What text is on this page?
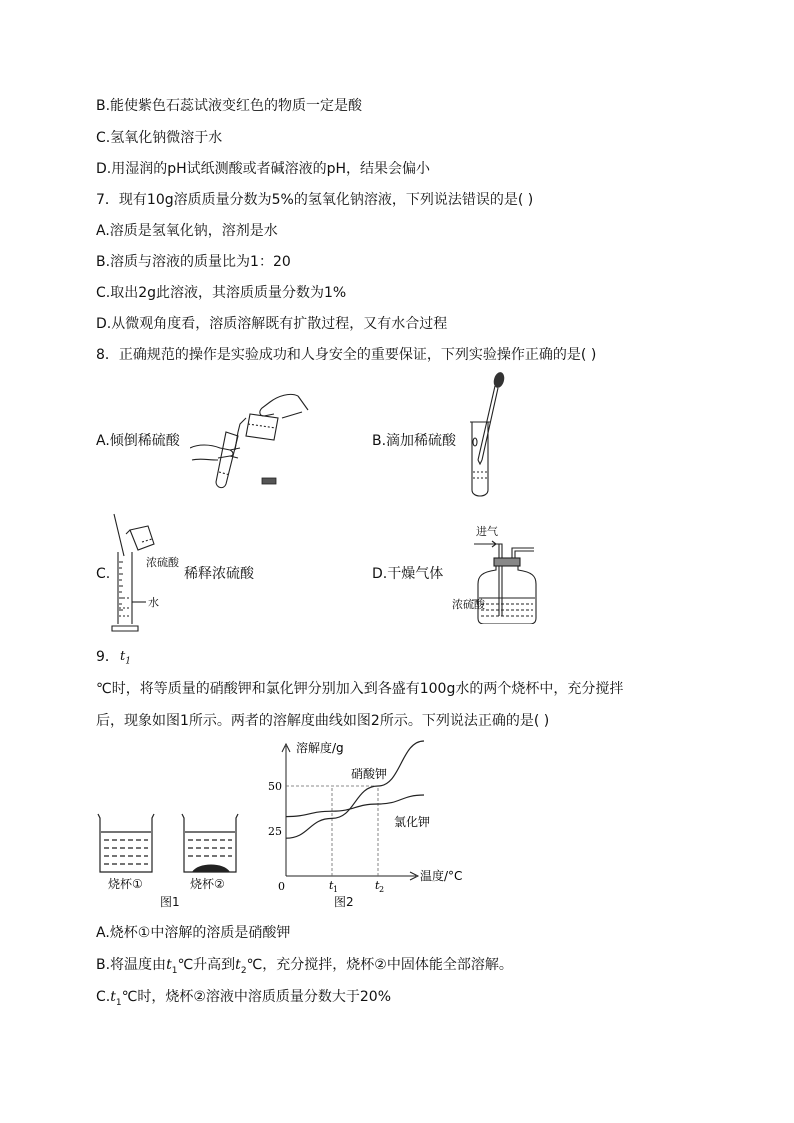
B.能使紫色石蕊试液变红色的物质一定是酸
C.氢氧化钠微溶于水
D.用湿润的pH试纸测酸或者碱溶液的pH，结果会偏小
7．现有10g溶质质量分数为5%的氢氧化钠溶液，下列说法错误的是( )
A.溶质是氢氧化钠，溶剂是水
B.溶质与溶液的质量比为1：20
C.取出2g此溶液，其溶质质量分数为1%
D.从微观角度看，溶质溶解既有扩散过程，又有水合过程
8．正确规范的操作是实验成功和人身安全的重要保证，下列实验操作正确的是( )
A.倾倒稀硫酸	B.滴加稀硫酸
C.
浓硫酸
稀释浓硫酸
水
D.干燥气体
进气
浓硫酸
9． $t_1$
℃时，将等质量的硝酸钾和氯化钾分别加入到各盛有100g水的两个烧杯中，充分搅拌
后，现象如图1所示。两者的溶解度曲线如图2所示。下列说法正确的是( )
烧杯①	烧杯②
图1
溶解度/g
温度/°C
0
25
50
t 1	t 2
硝酸钾
氯化钾
图2
A.烧杯①中溶解的溶质是硝酸钾
B.将温度由$t_1℃$升高到$t_2℃$，充分搅拌，烧杯②中固体能全部溶解。
$C.t_1℃$时，烧杯②溶液中溶质质量分数大于20%
